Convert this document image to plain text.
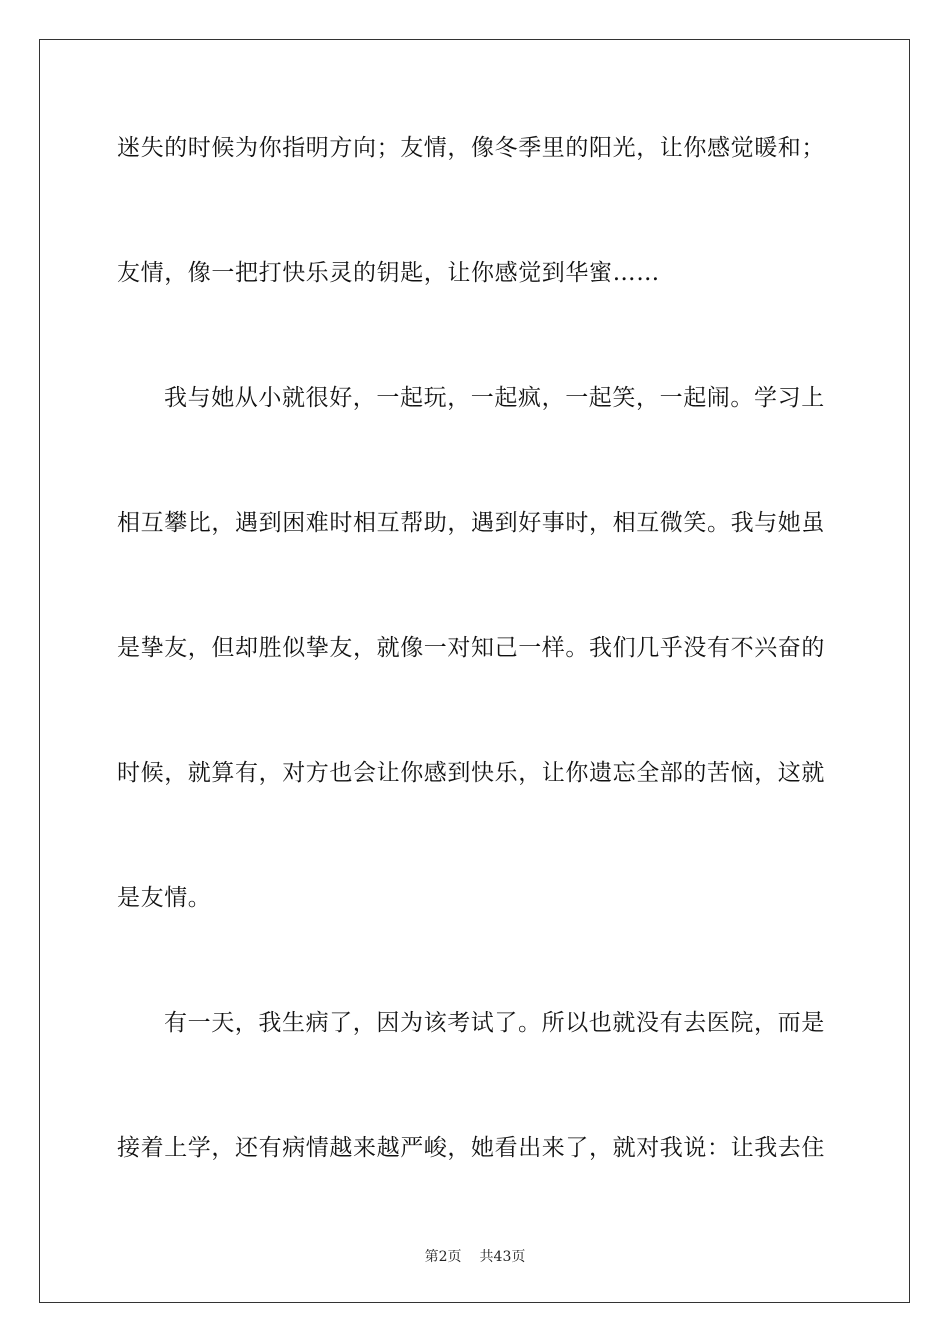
迷失的时候为你指明方向；友情，像冬季里的阳光，让你感觉暖和；
友情，像一把打快乐灵的钥匙，让你感觉到华蜜……
我与她从小就很好，一起玩，一起疯，一起笑，一起闹。学习上
相互攀比，遇到困难时相互帮助，遇到好事时，相互微笑。我与她虽
是挚友，但却胜似挚友，就像一对知己一样。我们几乎没有不兴奋的
时候，就算有，对方也会让你感到快乐，让你遗忘全部的苦恼，这就
是友情。
有一天，我生病了，因为该考试了。所以也就没有去医院，而是
接着上学，还有病情越来越严峻，她看出来了，就对我说：让我去住
第2页 共43页
